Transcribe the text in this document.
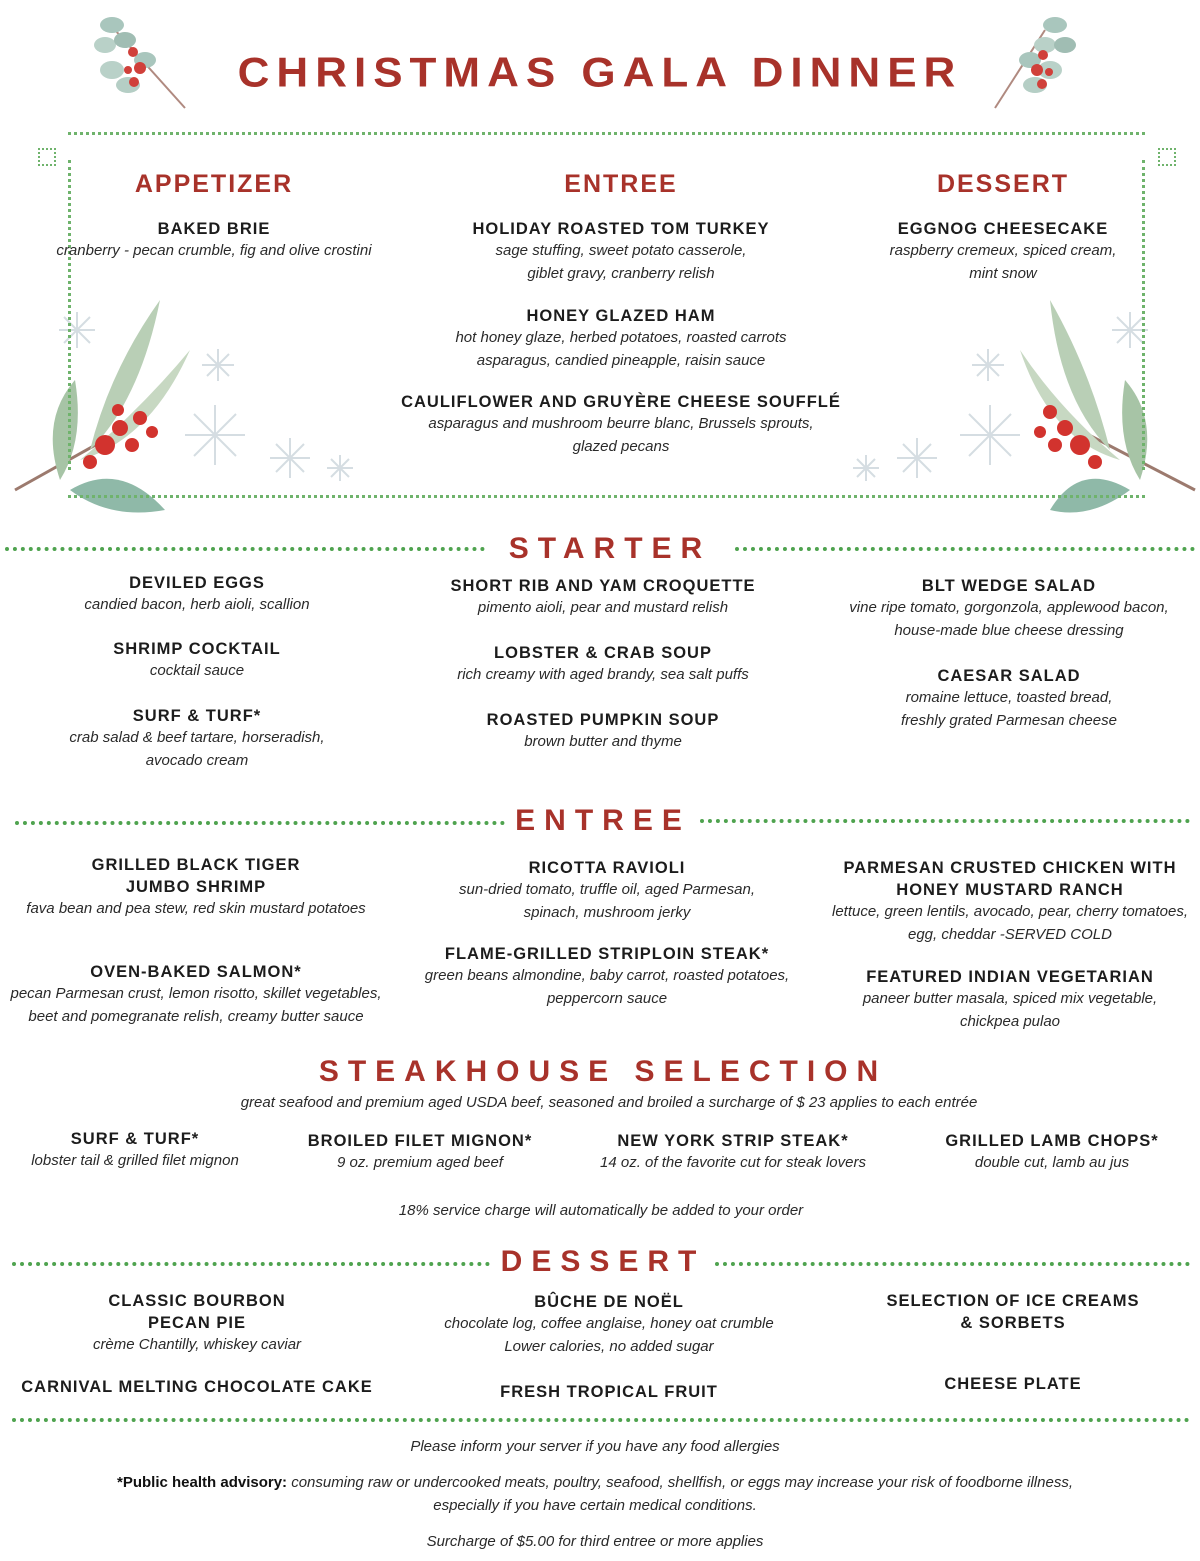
CHRISTMAS GALA DINNER
APPETIZER	ENTREE	DESSERT
STARTER
ENTREE
STEAKHOUSE SELECTION
great seafood and premium aged USDA beef, seasoned and broiled a surcharge of $ 23 applies to each entrée
18% service charge will automatically be added to your order
DESSERT
Please inform your server if you have any food allergies
*Public health advisory: consuming raw or undercooked meats, poultry, seafood, shellfish, or eggs may increase your risk of foodborne illness,
especially if you have certain medical conditions.
Surcharge of $5.00 for third entree or more applies
BAKED BRIE
cranberry - pecan crumble, fig and olive crostini
HOLIDAY ROASTED TOM TURKEY
sage stuffing, sweet potato casserole,
giblet gravy, cranberry relish
HONEY GLAZED HAM
hot honey glaze, herbed potatoes, roasted carrots
asparagus, candied pineapple, raisin sauce
CAULIFLOWER AND GRUYÈRE CHEESE SOUFFLÉ
asparagus and mushroom beurre blanc, Brussels sprouts,
glazed pecans
EGGNOG CHEESECAKE
raspberry cremeux, spiced cream,
mint snow
DEVILED EGGS
candied bacon, herb aioli, scallion
SHRIMP COCKTAIL
cocktail sauce
SURF & TURF*
crab salad & beef tartare, horseradish,
avocado cream
SHORT RIB AND YAM CROQUETTE
pimento aioli, pear and mustard relish
LOBSTER & CRAB SOUP
rich creamy with aged brandy, sea salt puffs
ROASTED PUMPKIN SOUP
brown butter and thyme
BLT WEDGE SALAD
vine ripe tomato, gorgonzola, applewood bacon,
house-made blue cheese dressing
CAESAR SALAD
romaine lettuce, toasted bread,
freshly grated Parmesan cheese
GRILLED BLACK TIGER
JUMBO SHRIMP
fava bean and pea stew, red skin mustard potatoes
OVEN-BAKED SALMON*
pecan Parmesan crust, lemon risotto, skillet vegetables,
beet and pomegranate relish, creamy butter sauce
RICOTTA RAVIOLI
sun-dried tomato, truffle oil, aged Parmesan,
spinach, mushroom jerky
FLAME-GRILLED STRIPLOIN STEAK*
green beans almondine, baby carrot, roasted potatoes,
peppercorn sauce
PARMESAN CRUSTED CHICKEN WITH
HONEY MUSTARD RANCH
lettuce, green lentils, avocado, pear, cherry tomatoes,
egg, cheddar -SERVED COLD
FEATURED INDIAN VEGETARIAN
paneer butter masala, spiced mix vegetable,
chickpea pulao
SURF & TURF*
lobster tail & grilled filet mignon
BROILED FILET MIGNON*
9 oz. premium aged beef
NEW YORK STRIP STEAK*
14 oz. of the favorite cut for steak lovers
GRILLED LAMB CHOPS*
double cut, lamb au jus
CLASSIC BOURBON
PECAN PIE
crème Chantilly, whiskey caviar
CARNIVAL MELTING CHOCOLATE CAKE
BÛCHE DE NOËL
chocolate log, coffee anglaise, honey oat crumble
Lower calories, no added sugar
FRESH TROPICAL FRUIT
SELECTION OF ICE CREAMS
& SORBETS
CHEESE PLATE
